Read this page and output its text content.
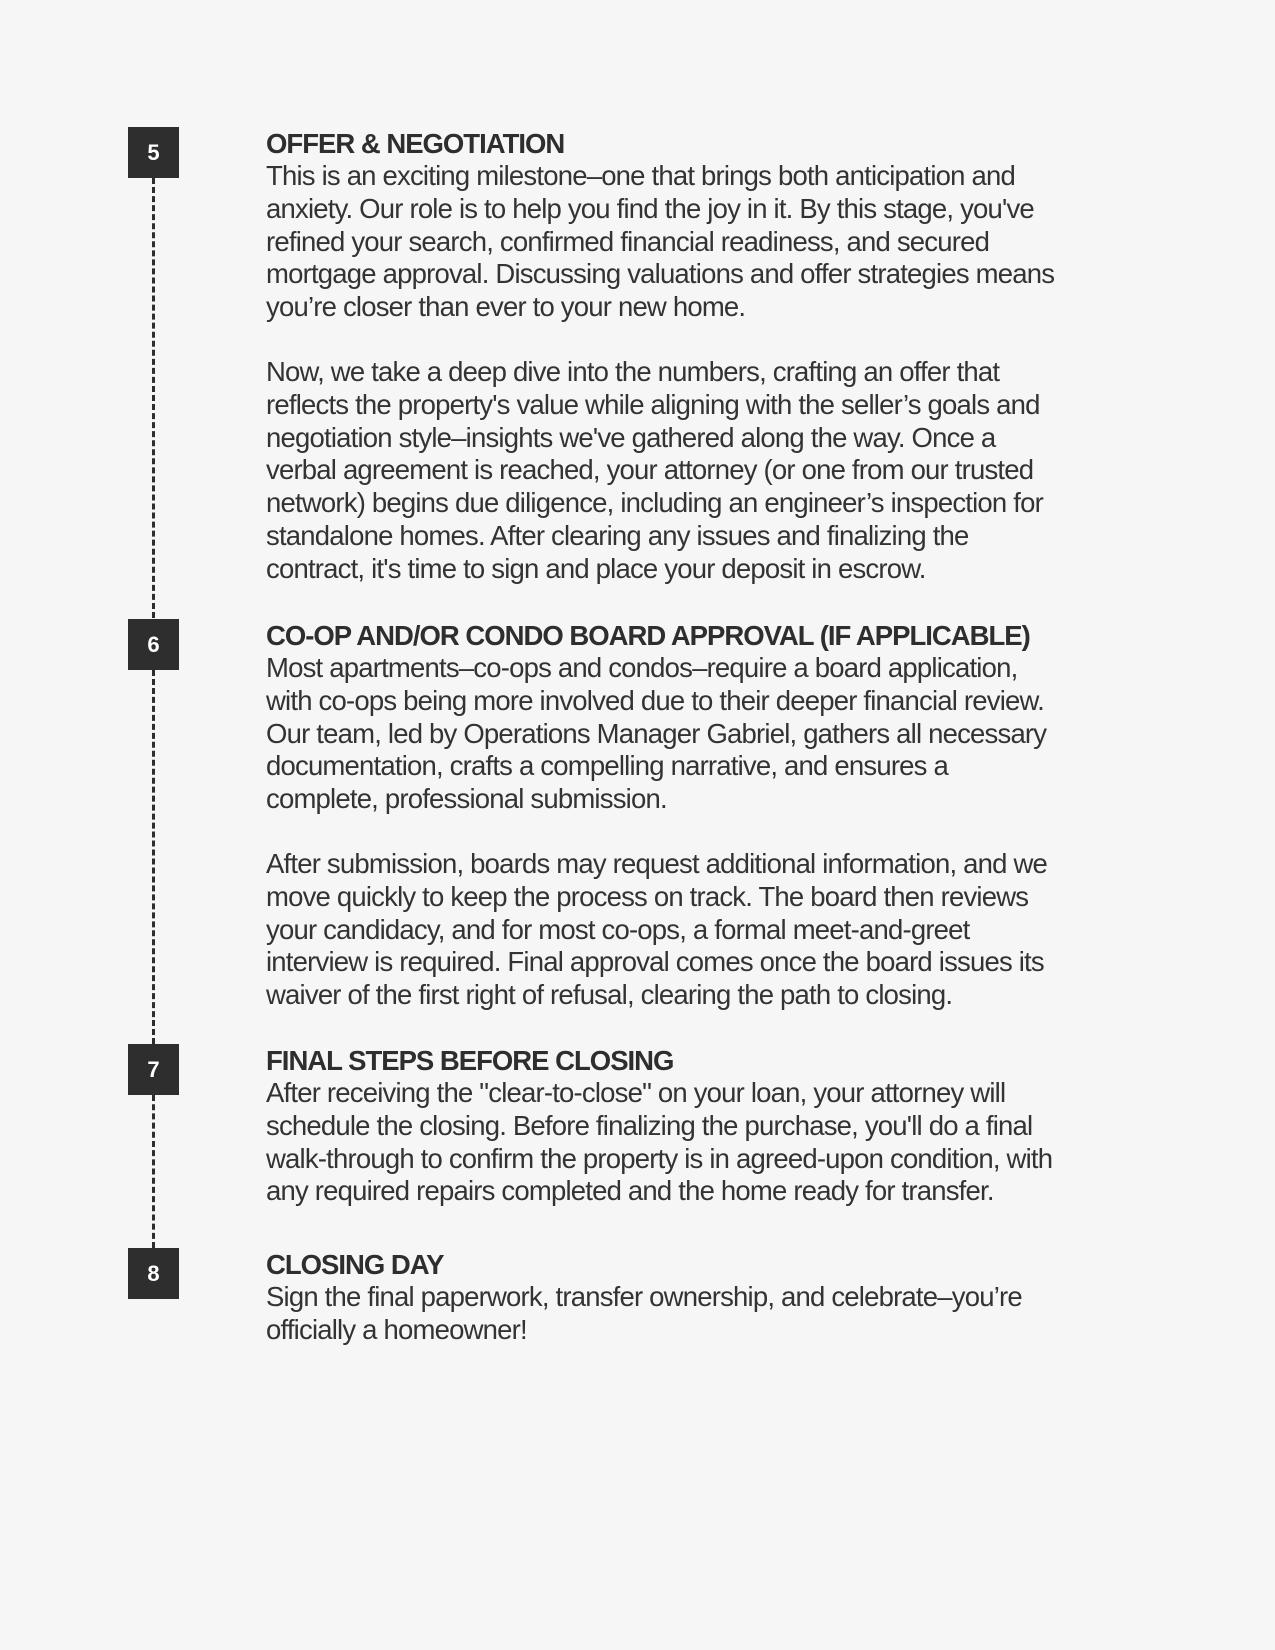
5
6
7
8
OFFER & NEGOTIATION

This is an exciting milestone–one that brings both anticipation and
anxiety. Our role is to help you find the joy in it. By this stage, you've
refined your search, confirmed financial readiness, and secured
mortgage approval. Discussing valuations and offer strategies means
you’re closer than ever to your new home.

Now, we take a deep dive into the numbers, crafting an offer that
reflects the property's value while aligning with the seller’s goals and
negotiation style–insights we've gathered along the way. Once a
verbal agreement is reached, your attorney (or one from our trusted
network) begins due diligence, including an engineer’s inspection for
standalone homes. After clearing any issues and finalizing the
contract, it's time to sign and place your deposit in escrow.

CO-OP AND/OR CONDO BOARD APPROVAL (IF APPLICABLE)

Most apartments–co-ops and condos–require a board application,
with co-ops being more involved due to their deeper financial review.
Our team, led by Operations Manager Gabriel, gathers all necessary
documentation, crafts a compelling narrative, and ensures a
complete, professional submission.

After submission, boards may request additional information, and we
move quickly to keep the process on track. The board then reviews
your candidacy, and for most co-ops, a formal meet-and-greet
interview is required. Final approval comes once the board issues its
waiver of the first right of refusal, clearing the path to closing.

FINAL STEPS BEFORE CLOSING

After receiving the "clear-to-close" on your loan, your attorney will
schedule the closing. Before finalizing the purchase, you'll do a final
walk-through to confirm the property is in agreed-upon condition, with
any required repairs completed and the home ready for transfer.

CLOSING DAY

Sign the final paperwork, transfer ownership, and celebrate–you’re
officially a homeowner!
